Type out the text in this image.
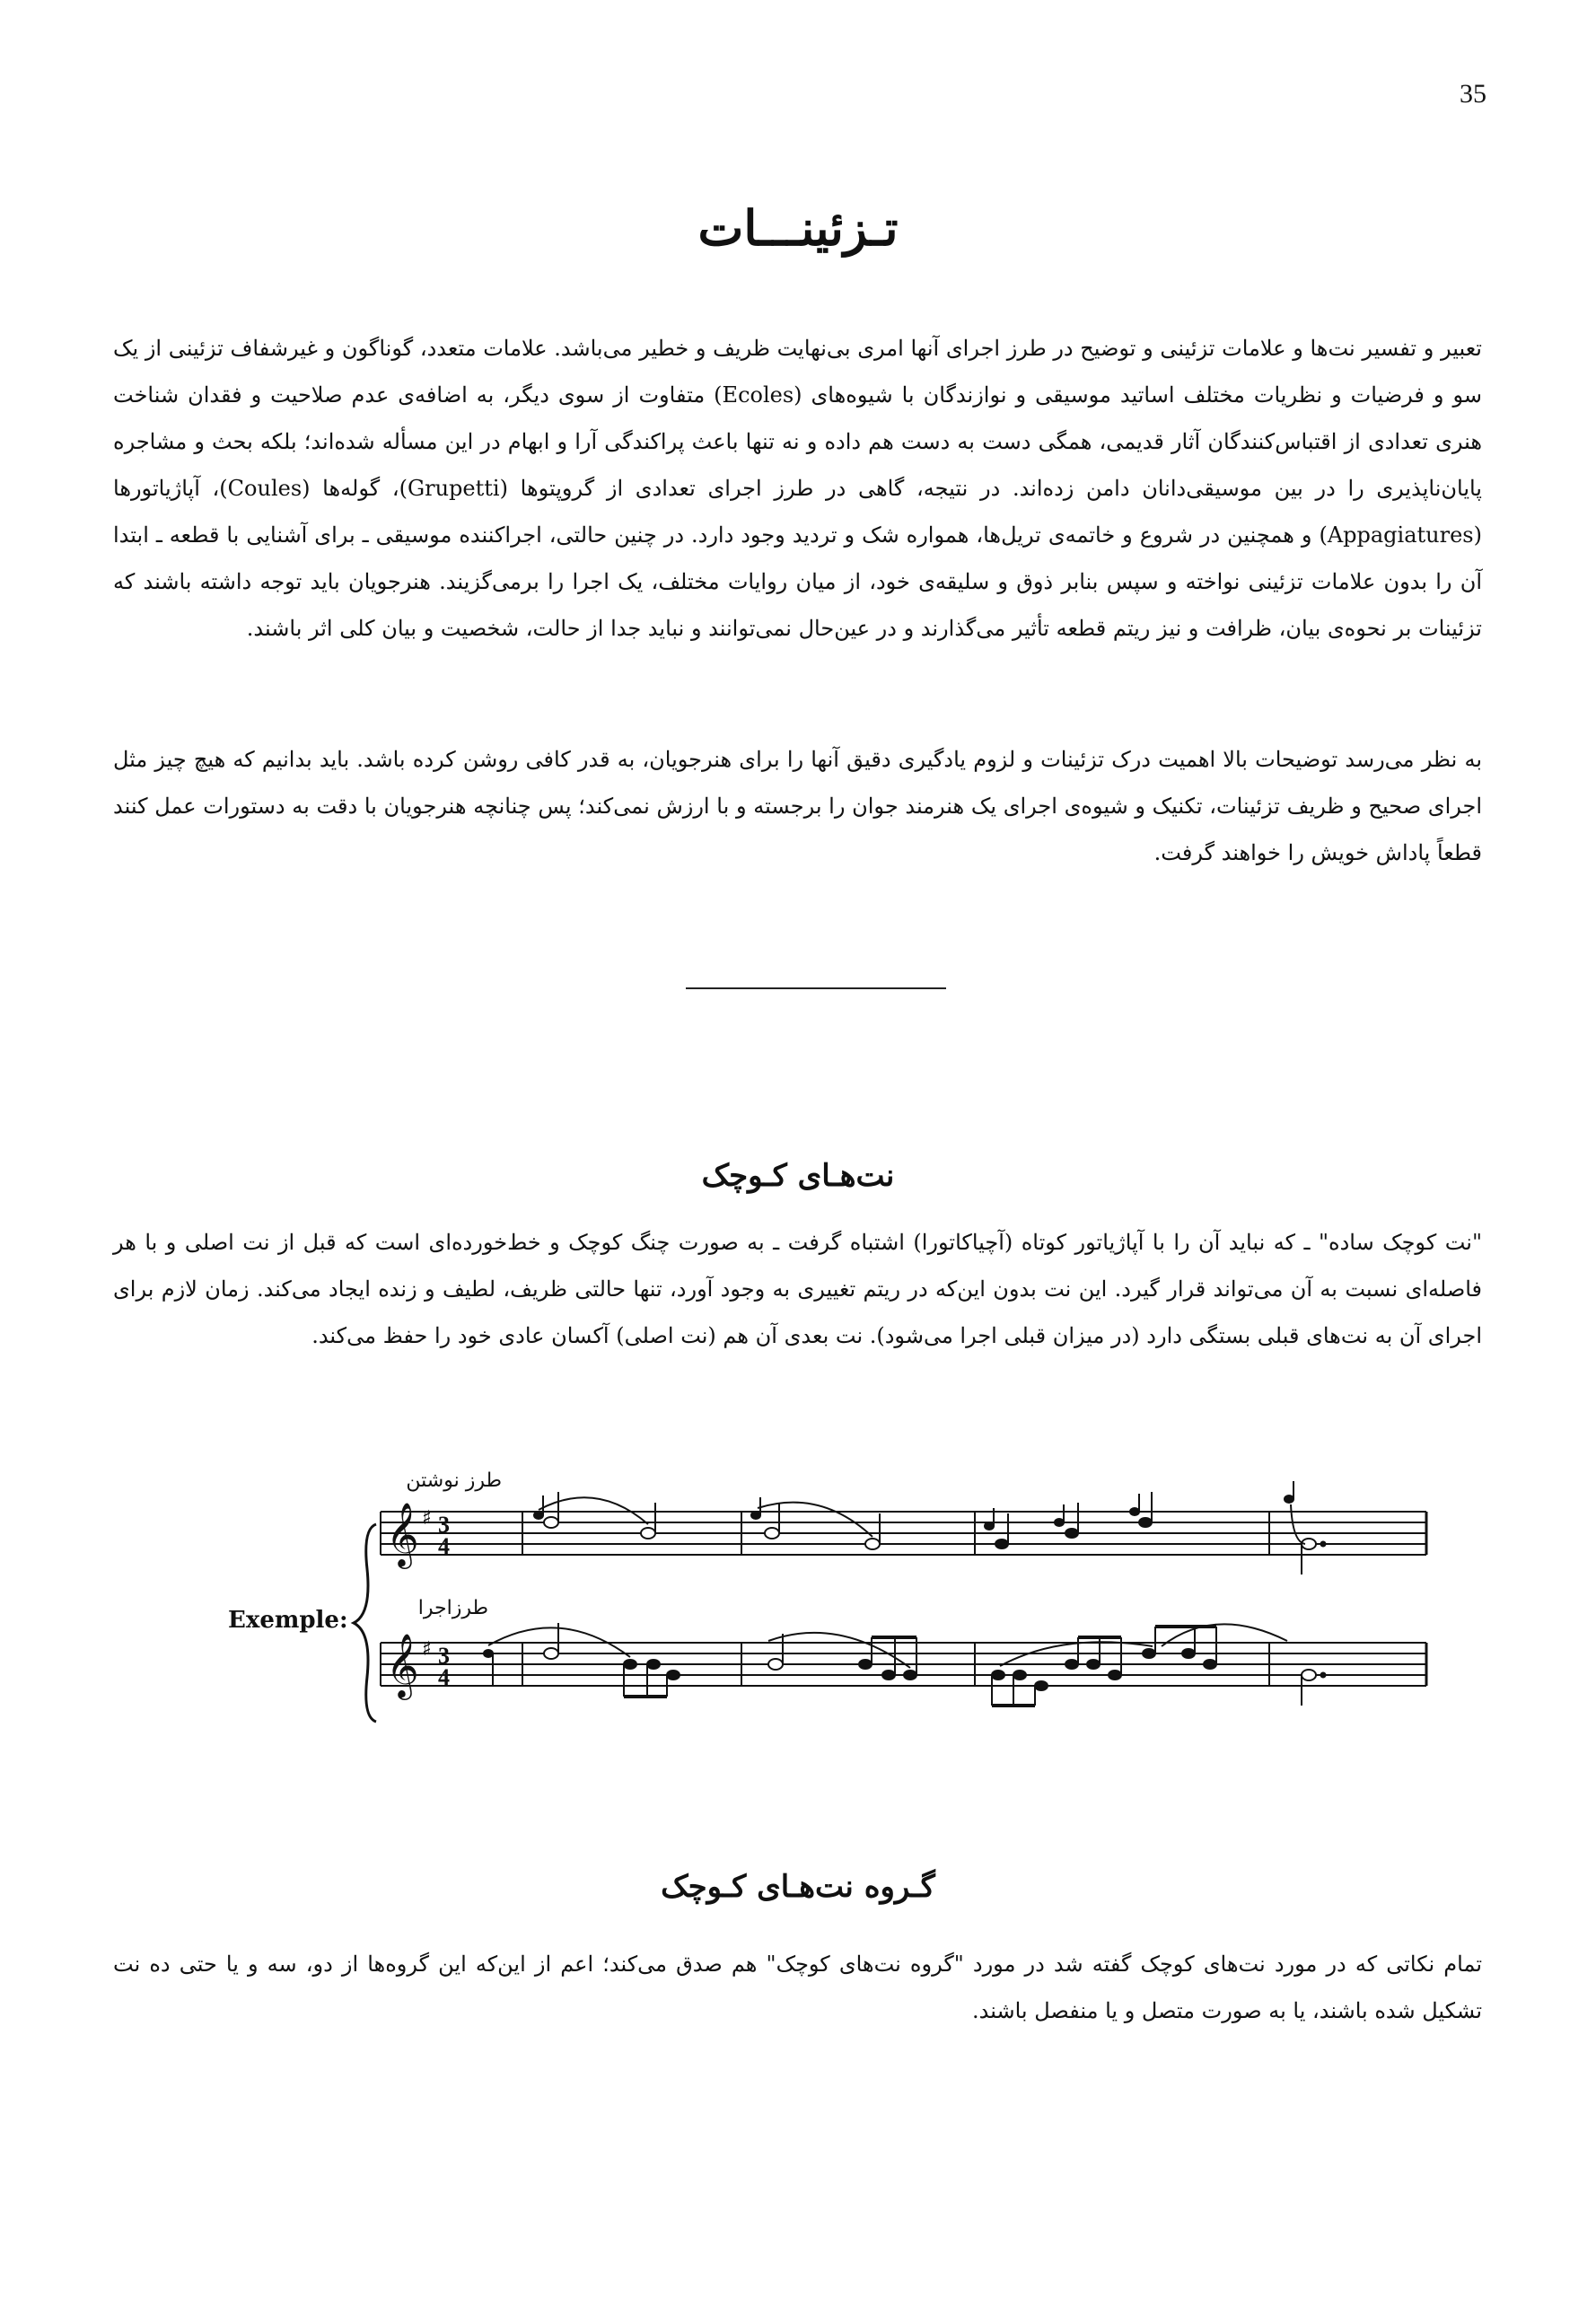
35
تـزئینـــات

تعبیر و تفسیر نت‌ها و علامات تزئینی و توضیح در طرز اجرای آنها امری بی‌نهایت ظریف و خطیر می‌باشد. علامات متعدد، گوناگون و غیرشفاف تزئینی از یک سو و فرضیات و نظریات مختلف اساتید موسیقی و نوازندگان با شیوه‌های (Ecoles) متفاوت از سوی دیگر، به اضافه‌ی عدم صلاحیت و فقدان شناخت هنری تعدادی از اقتباس‌کنندگان آثار قدیمی، همگی دست به دست هم داده و نه تنها باعث پراکندگی آرا و ابهام در این مسأله شده‌اند؛ بلکه بحث و مشاجره پایان‌ناپذیری را در بین موسیقی‌دانان دامن زده‌اند. در نتیجه، گاهی در طرز اجرای تعدادی از گروپتوها (Grupetti)، گوله‌ها (Coules)، آپاژیاتورها (Appagiatures) و همچنین در شروع و خاتمه‌ی تریل‌ها، همواره شک و تردید وجود دارد. در چنین حالتی، اجراکننده موسیقی ـ برای آشنایی با قطعه ـ ابتدا آن را بدون علامات تزئینی نواخته و سپس بنابر ذوق و سلیقه‌ی خود، از میان روایات مختلف، یک اجرا را برمی‌گزیند. هنرجویان باید توجه داشته باشند که تزئینات بر نحوه‌ی بیان، ظرافت و نیز ریتم قطعه تأثیر می‌گذارند و در عین‌حال نمی‌توانند و نباید جدا از حالت، شخصیت و بیان کلی اثر باشند.

به نظر می‌رسد توضیحات بالا اهمیت درک تزئینات و لزوم یادگیری دقیق آنها را برای هنرجویان، به قدر کافی روشن کرده باشد. باید بدانیم که هیچ چیز مثل اجرای صحیح و ظریف تزئینات، تکنیک و شیوه‌ی اجرای یک هنرمند جوان را برجسته و با ارزش نمی‌کند؛ پس چنانچه هنرجویان با دقت به دستورات عمل کنند قطعاً پاداش خویش را خواهند گرفت.

نت‌هـای کـوچک

"نت کوچک ساده" ـ که نباید آن را با آپاژیاتور کوتاه (آچیاکاتورا) اشتباه گرفت ـ به صورت چنگ کوچک و خط‌خورده‌ای است که قبل از نت اصلی و با هر فاصله‌ای نسبت به آن می‌تواند قرار گیرد. این نت بدون این‌که در ریتم تغییری به وجود آورد، تنها حالتی ظریف، لطیف و زنده ایجاد می‌کند. زمان لازم برای اجرای آن به نت‌های قبلی بستگی دارد (در میزان قبلی اجرا می‌شود). نت بعدی آن هم (نت اصلی) آکسان عادی خود را حفظ می‌کند.

Exemple:
طرز نوشتن
طرزاجرا
𝄞
𝄞
♯
♯
3
4
3
4
گـروه نت‌هـای کـوچک

تمام نکاتی که در مورد نت‌های کوچک گفته شد در مورد "گروه نت‌های کوچک" هم صدق می‌کند؛ اعم از این‌که این گروه‌ها از دو، سه و یا حتی ده نت تشکیل شده باشند، یا به صورت متصل و یا منفصل باشند.
